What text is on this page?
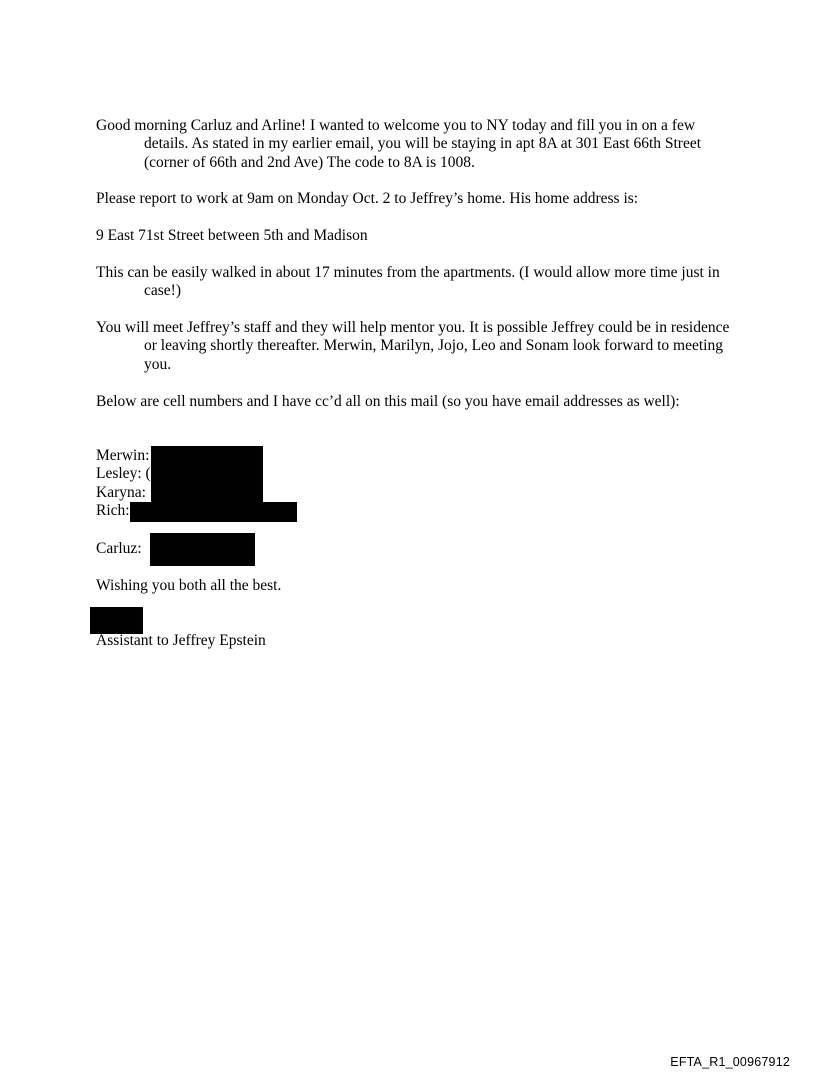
Good morning Carluz and Arline! I wanted to welcome you to NY today and fill you in on a few details. As stated in my earlier email, you will be staying in apt 8A at 301 East 66th Street (corner of 66th and 2nd Ave) The code to 8A is 1008.

Please report to work at 9am on Monday Oct. 2 to Jeffrey’s home. His home address is:

9 East 71st Street between 5th and Madison

This can be easily walked in about 17 minutes from the apartments. (I would allow more time just in case!)

You will meet Jeffrey’s staff and they will help mentor you. It is possible Jeffrey could be in residence or leaving shortly thereafter. Merwin, Marilyn, Jojo, Leo and Sonam look forward to meeting you.

Below are cell numbers and I have cc’d all on this mail (so you have email addresses as well):

Merwin:
Lesley: (
Karyna:
Rich:

Carluz:

Wishing you both all the best.

Assistant to Jeffrey Epstein

EFTA_R1_00967912
